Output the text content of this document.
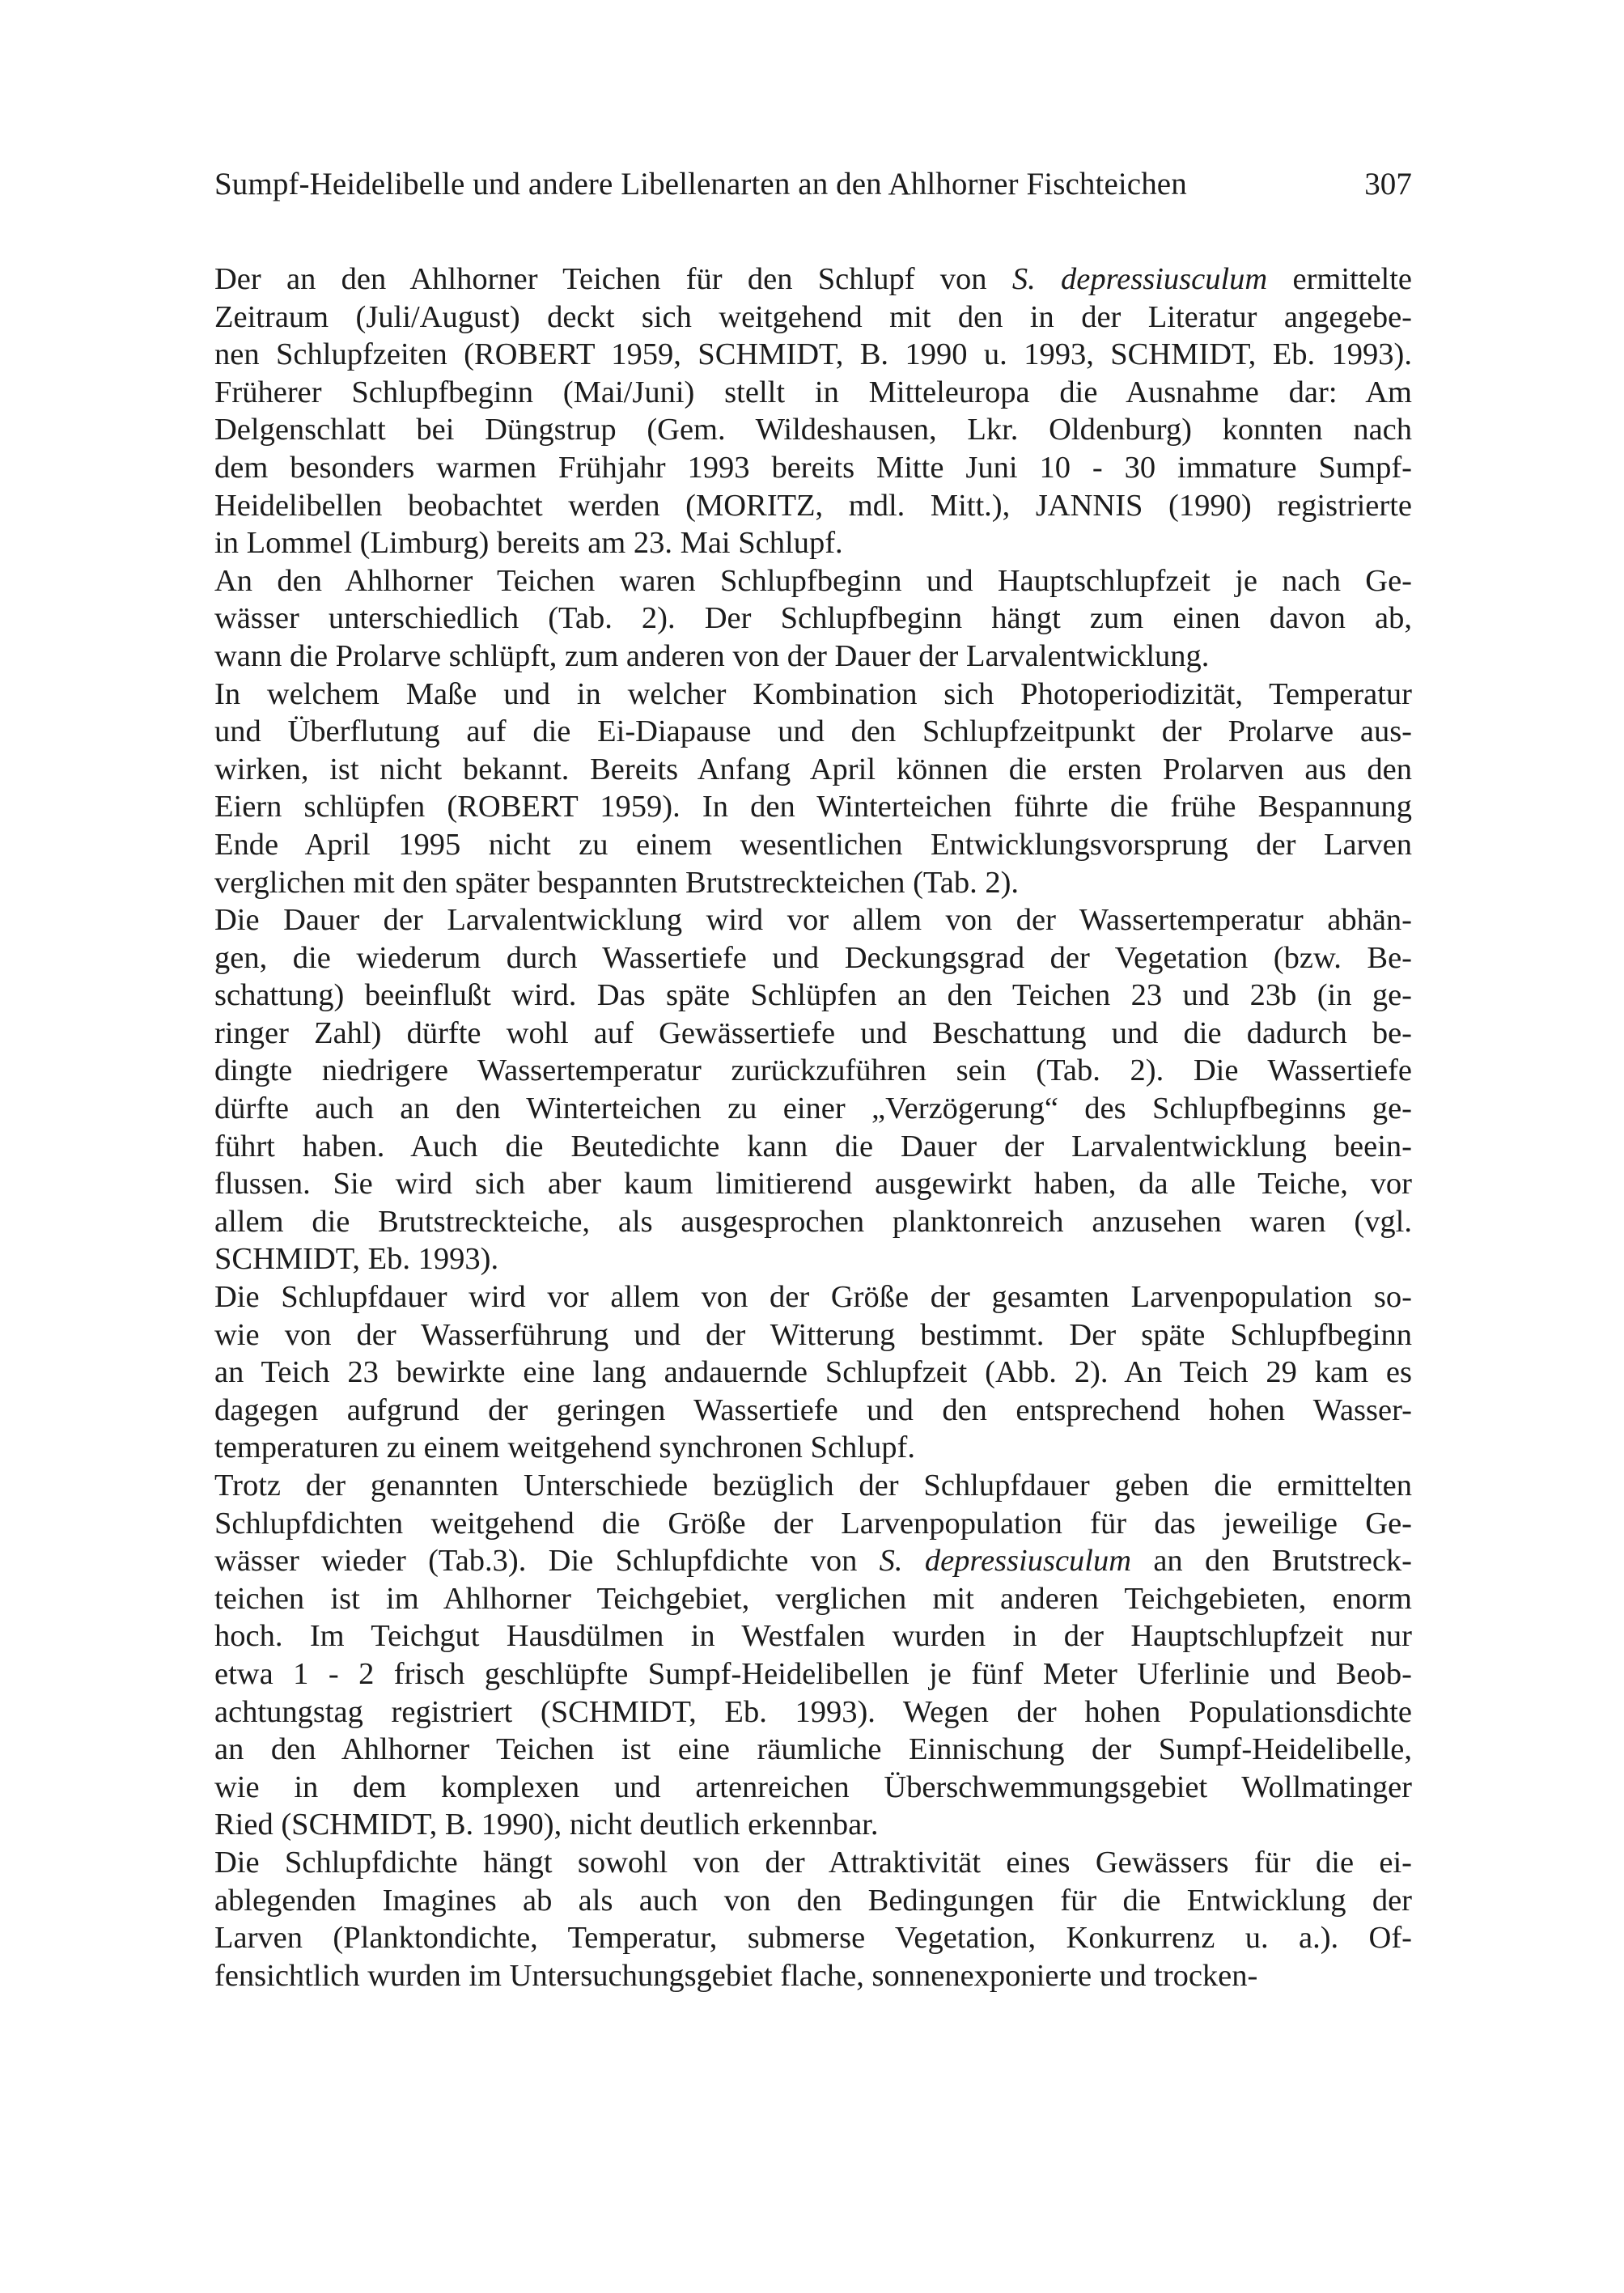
Sumpf-Heidelibelle und andere Libellenarten an den Ahlhorner Fischteichen	307
Der an den Ahlhorner Teichen für den Schlupf von S. depressiusculum ermittelte
Zeitraum (Juli/August) deckt sich weitgehend mit den in der Literatur angegebe-
nen Schlupfzeiten (ROBERT 1959, SCHMIDT, B. 1990 u. 1993, SCHMIDT, Eb. 1993).
Früherer Schlupfbeginn (Mai/Juni) stellt in Mitteleuropa die Ausnahme dar: Am
Delgenschlatt bei Düngstrup (Gem. Wildeshausen, Lkr. Oldenburg) konnten nach
dem besonders warmen Frühjahr 1993 bereits Mitte Juni 10 - 30 immature Sumpf-
Heidelibellen beobachtet werden (MORITZ, mdl. Mitt.), JANNIS (1990) registrierte
in Lommel (Limburg) bereits am 23. Mai Schlupf.
An den Ahlhorner Teichen waren Schlupfbeginn und Hauptschlupfzeit je nach Ge-
wässer unterschiedlich (Tab. 2). Der Schlupfbeginn hängt zum einen davon ab,
wann die Prolarve schlüpft, zum anderen von der Dauer der Larvalentwicklung.
In welchem Maße und in welcher Kombination sich Photoperiodizität, Temperatur
und Überflutung auf die Ei-Diapause und den Schlupfzeitpunkt der Prolarve aus-
wirken, ist nicht bekannt. Bereits Anfang April können die ersten Prolarven aus den
Eiern schlüpfen (ROBERT 1959). In den Winterteichen führte die frühe Bespannung
Ende April 1995 nicht zu einem wesentlichen Entwicklungsvorsprung der Larven
verglichen mit den später bespannten Brutstreckteichen (Tab. 2).
Die Dauer der Larvalentwicklung wird vor allem von der Wassertemperatur abhän-
gen, die wiederum durch Wassertiefe und Deckungsgrad der Vegetation (bzw. Be-
schattung) beeinflußt wird. Das späte Schlüpfen an den Teichen 23 und 23b (in ge-
ringer Zahl) dürfte wohl auf Gewässertiefe und Beschattung und die dadurch be-
dingte niedrigere Wassertemperatur zurückzuführen sein (Tab. 2). Die Wassertiefe
dürfte auch an den Winterteichen zu einer „Verzögerung“ des Schlupfbeginns ge-
führt haben. Auch die Beutedichte kann die Dauer der Larvalentwicklung beein-
flussen. Sie wird sich aber kaum limitierend ausgewirkt haben, da alle Teiche, vor
allem die Brutstreckteiche, als ausgesprochen planktonreich anzusehen waren (vgl.
SCHMIDT, Eb. 1993).
Die Schlupfdauer wird vor allem von der Größe der gesamten Larvenpopulation so-
wie von der Wasserführung und der Witterung bestimmt. Der späte Schlupfbeginn
an Teich 23 bewirkte eine lang andauernde Schlupfzeit (Abb. 2). An Teich 29 kam es
dagegen aufgrund der geringen Wassertiefe und den entsprechend hohen Wasser-
temperaturen zu einem weitgehend synchronen Schlupf.
Trotz der genannten Unterschiede bezüglich der Schlupfdauer geben die ermittelten
Schlupfdichten weitgehend die Größe der Larvenpopulation für das jeweilige Ge-
wässer wieder (Tab.3). Die Schlupfdichte von S. depressiusculum an den Brutstreck-
teichen ist im Ahlhorner Teichgebiet, verglichen mit anderen Teichgebieten, enorm
hoch. Im Teichgut Hausdülmen in Westfalen wurden in der Hauptschlupfzeit nur
etwa 1 - 2 frisch geschlüpfte Sumpf-Heidelibellen je fünf Meter Uferlinie und Beob-
achtungstag registriert (SCHMIDT, Eb. 1993). Wegen der hohen Populationsdichte
an den Ahlhorner Teichen ist eine räumliche Einnischung der Sumpf-Heidelibelle,
wie in dem komplexen und artenreichen Überschwemmungsgebiet Wollmatinger
Ried (SCHMIDT, B. 1990), nicht deutlich erkennbar.
Die Schlupfdichte hängt sowohl von der Attraktivität eines Gewässers für die ei-
ablegenden Imagines ab als auch von den Bedingungen für die Entwicklung der
Larven (Planktondichte, Temperatur, submerse Vegetation, Konkurrenz u. a.). Of-
fensichtlich wurden im Untersuchungsgebiet flache, sonnenexponierte und trocken-
